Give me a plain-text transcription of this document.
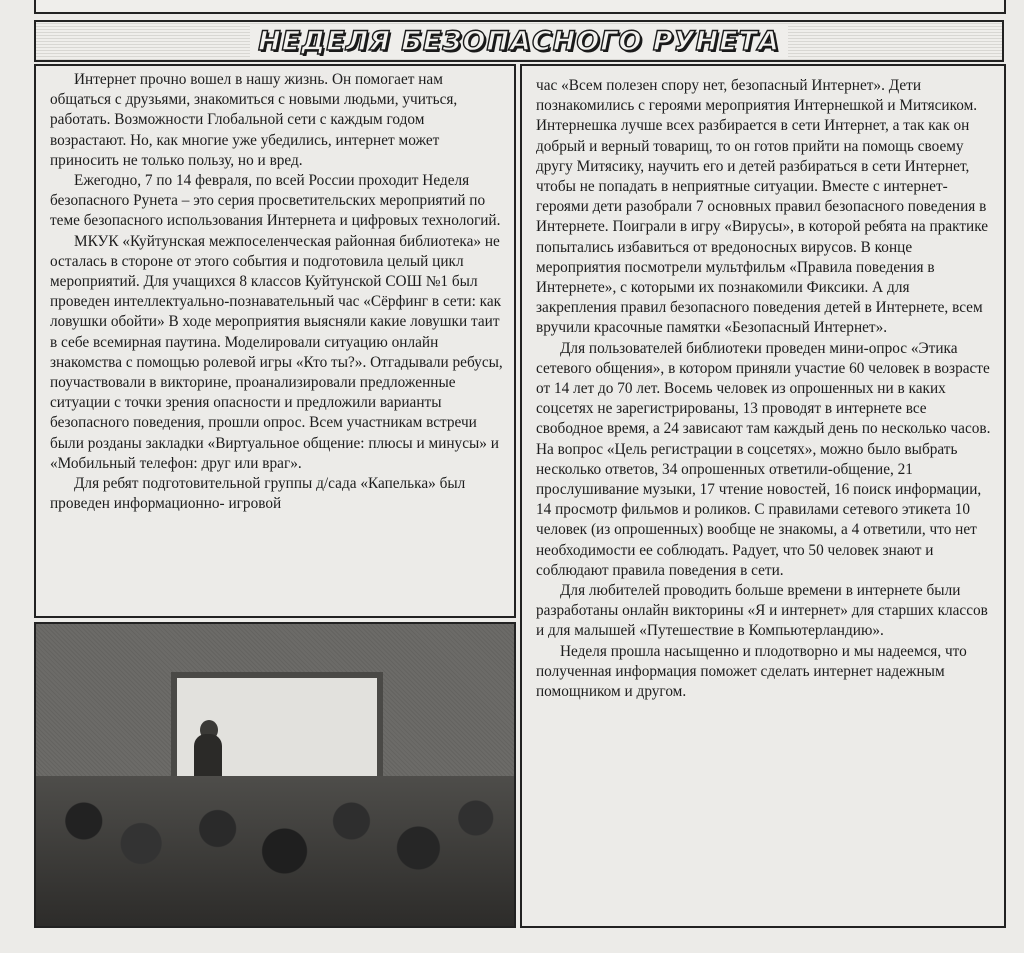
НЕДЕЛЯ БЕЗОПАСНОГО РУНЕТА

Интернет прочно вошел в нашу жизнь. Он помогает нам общаться с друзьями, знакомиться с новыми людьми, учиться, работать. Возможности Глобальной сети с каждым годом возрастают. Но, как многие уже убедились, интернет может приносить не только пользу, но и вред.

Ежегодно, 7 по 14 февраля, по всей России проходит Неделя безопасного Рунета – это серия просветительских мероприятий по теме безопасного использования Интернета и цифровых технологий.

МКУК «Куйтунская межпоселенческая районная библиотека» не осталась в стороне от этого события и подготовила целый цикл мероприятий. Для учащихся 8 классов Куйтунской СОШ №1 был проведен интеллектуально-познавательный час «Сёрфинг в сети: как ловушки обойти» В ходе мероприятия выясняли какие ловушки таит в себе всемирная паутина. Моделировали ситуацию онлайн знакомства с помощью ролевой игры «Кто ты?». Отгадывали ребусы, поучаствовали в викторине, проанализировали предложенные ситуации с точки зрения опасности и предложили варианты безопасного поведения, прошли опрос. Всем участникам встречи были розданы закладки «Виртуальное общение: плюсы и минусы» и «Мобильный телефон: друг или враг».

Для ребят подготовительной группы д/сада «Капелька» был проведен информационно- игровой

час «Всем полезен спору нет, безопасный Интернет». Дети познакомились с героями мероприятия Интернешкой и Митясиком. Интернешка лучше всех разбирается в сети Интернет, а так как он добрый и верный товарищ, то он готов прийти на помощь своему другу Митясику, научить его и детей разбираться в сети Интернет, чтобы не попадать в неприятные ситуации. Вместе с интернет-героями дети разобрали 7 основных правил безопасного поведения в Интернете. Поиграли в игру «Вирусы», в которой ребята на практике попытались избавиться от вредоносных вирусов. В конце мероприятия посмотрели мультфильм «Правила поведения в Интернете», с которыми их познакомили Фиксики. А для закрепления правил безопасного поведения детей в Интернете, всем вручили красочные памятки «Безопасный Интернет».

Для пользователей библиотеки проведен мини-опрос «Этика сетевого общения», в котором приняли участие 60 человек в возрасте от 14 лет до 70 лет. Восемь человек из опрошенных ни в каких соцсетях не зарегистрированы, 13 проводят в интернете все свободное время, а 24 зависают там каждый день по несколько часов. На вопрос «Цель регистрации в соцсетях», можно было выбрать несколько ответов, 34 опрошенных ответили-общение, 21 прослушивание музыки, 17 чтение новостей, 16 поиск информации, 14 просмотр фильмов и роликов. С правилами сетевого этикета 10 человек (из опрошенных) вообще не знакомы, а 4 ответили, что нет необходимости ее соблюдать. Радует, что 50 человек знают и соблюдают правила поведения в сети.

Для любителей проводить больше времени в интернете были разработаны онлайн викторины «Я и интернет» для старших классов и для малышей «Путешествие в Компьютерландию».

Неделя прошла насыщенно и плодотворно и мы надеемся, что полученная информация поможет сделать интернет надежным помощником и другом.
